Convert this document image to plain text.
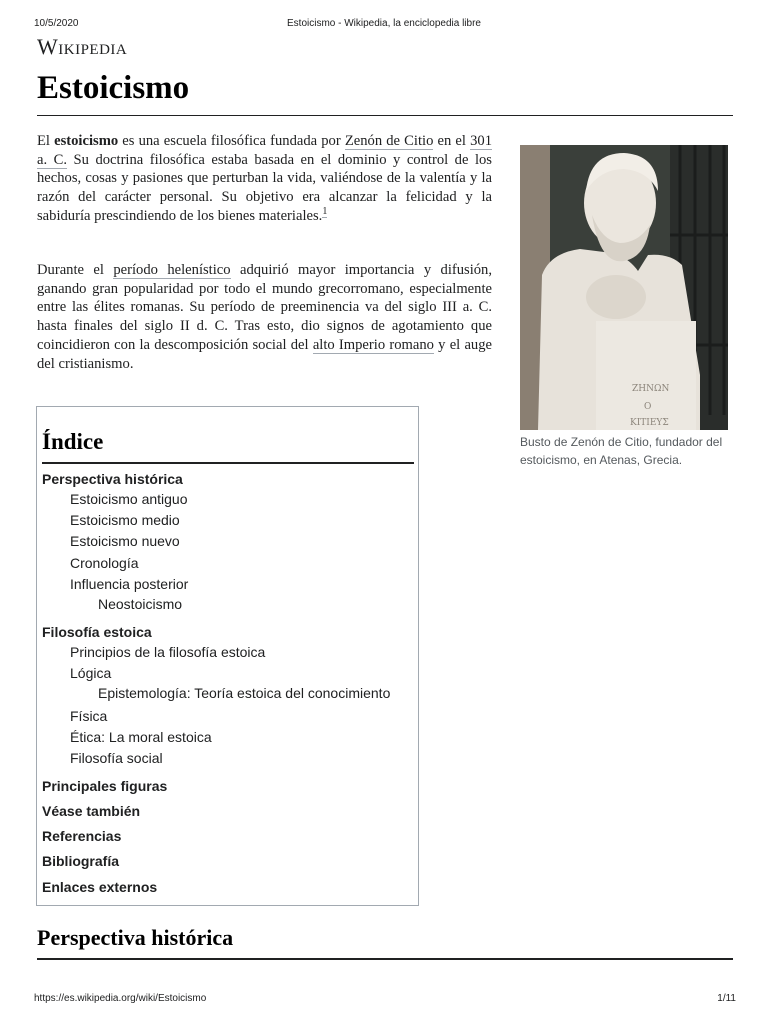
10/5/2020	Estoicismo - Wikipedia, la enciclopedia libre
Wikipedia
Estoicismo

El estoicismo es una escuela filosófica fundada por Zenón de Citio en el 301 a. C. Su doctrina filosófica estaba basada en el dominio y control de los hechos, cosas y pasiones que perturban la vida, valiéndose de la valentía y la razón del carácter personal. Su objetivo era alcanzar la felicidad y la sabiduría prescindiendo de los bienes materiales.$^1$

Durante el período helenístico adquirió mayor importancia y difusión, ganando gran popularidad por todo el mundo grecorromano, especialmente entre las élites romanas. Su período de preeminencia va del siglo III a. C. hasta finales del siglo II d. C. Tras esto, dio signos de agotamiento que coincidieron con la descomposición social del alto Imperio romano y el auge del cristianismo.

ΖΗΝΩΝ
Ο
ΚΙΤΙΕΥΣ
Busto de Zenón de Citio, fundador del estoicismo, en Atenas, Grecia.
Índice
Perspectiva histórica
Estoicismo antiguo
Estoicismo medio
Estoicismo nuevo
Cronología
Influencia posterior
Neostoicismo
Filosofía estoica
Principios de la filosofía estoica
Lógica
Epistemología: Teoría estoica del conocimiento
Física
Ética: La moral estoica
Filosofía social
Principales figuras
Véase también
Referencias
Bibliografía
Enlaces externos
Perspectiva histórica
https://es.wikipedia.org/wiki/Estoicismo	1/11
